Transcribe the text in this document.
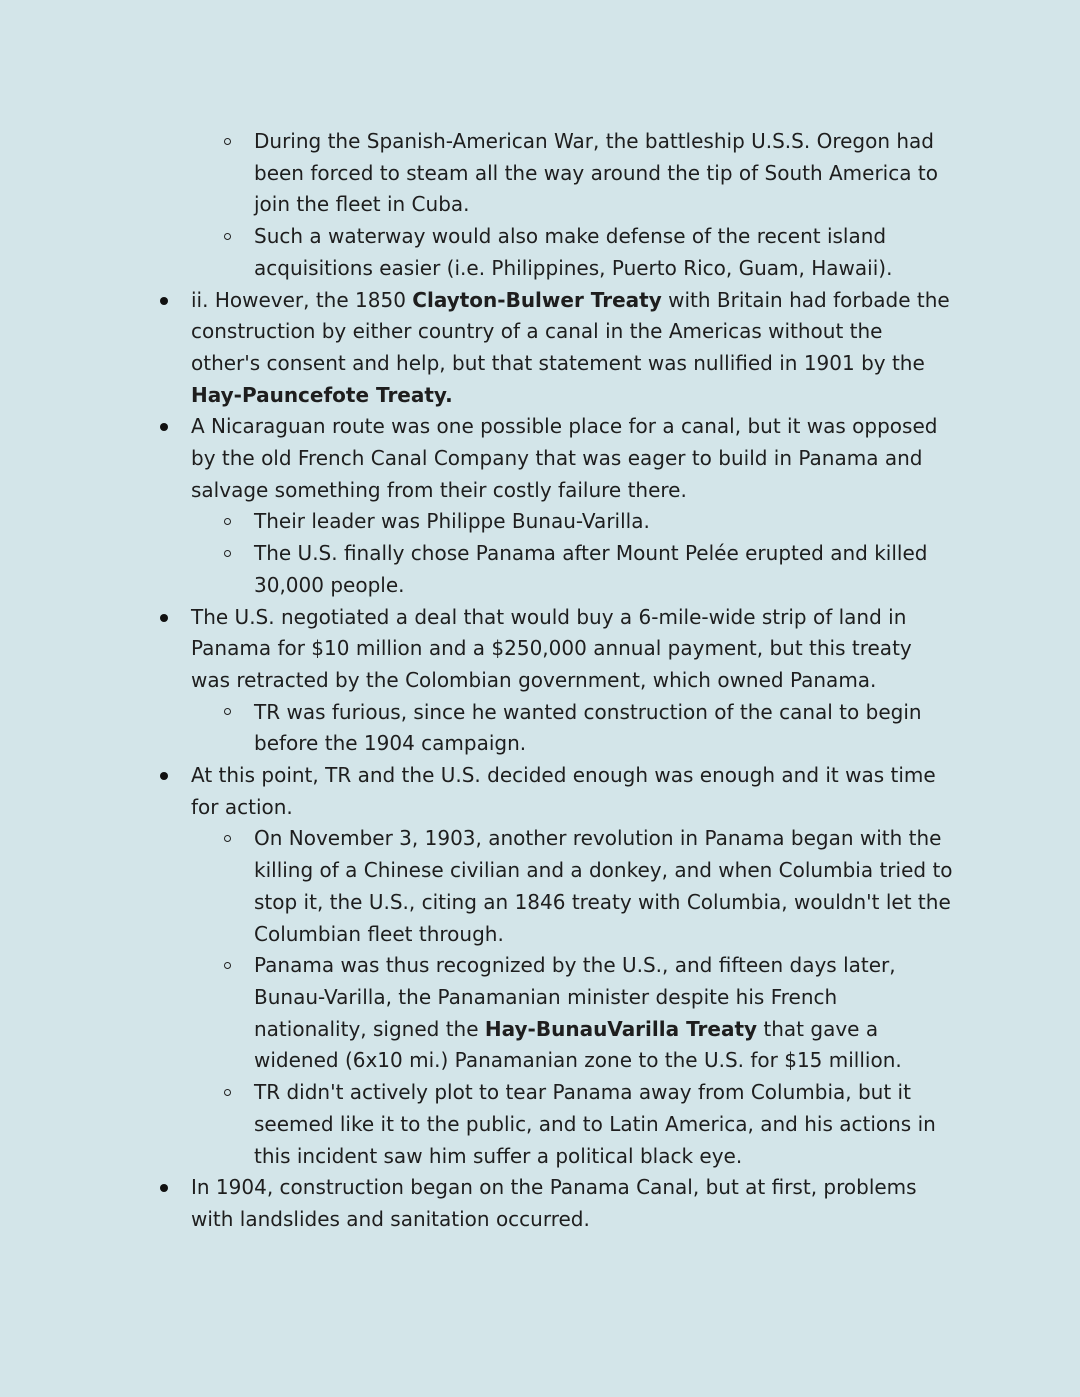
During the Spanish-American War, the battleship U.S.S. Oregon had been forced to steam all the way around the tip of South America to join the fleet in Cuba.
Such a waterway would also make defense of the recent island acquisitions easier (i.e. Philippines, Puerto Rico, Guam, Hawaii).
ii. However, the 1850 Clayton-Bulwer Treaty with Britain had forbade the construction by either country of a canal in the Americas without the other's consent and help, but that statement was nullified in 1901 by the Hay-Pauncefote Treaty.
A Nicaraguan route was one possible place for a canal, but it was opposed by the old French Canal Company that was eager to build in Panama and salvage something from their costly failure there.
Their leader was Philippe Bunau-Varilla.
The U.S. finally chose Panama after Mount Pelée erupted and killed 30,000 people.
The U.S. negotiated a deal that would buy a 6-mile-wide strip of land in Panama for $10 million and a $250,000 annual payment, but this treaty was retracted by the Colombian government, which owned Panama.
TR was furious, since he wanted construction of the canal to begin before the 1904 campaign.
At this point, TR and the U.S. decided enough was enough and it was time for action.
On November 3, 1903, another revolution in Panama began with the killing of a Chinese civilian and a donkey, and when Columbia tried to stop it, the U.S., citing an 1846 treaty with Columbia, wouldn't let the Columbian fleet through.
Panama was thus recognized by the U.S., and fifteen days later, Bunau-Varilla, the Panamanian minister despite his French nationality, signed the Hay-BunauVarilla Treaty that gave a widened (6x10 mi.) Panamanian zone to the U.S. for $15 million.
TR didn't actively plot to tear Panama away from Columbia, but it seemed like it to the public, and to Latin America, and his actions in this incident saw him suffer a political black eye.
In 1904, construction began on the Panama Canal, but at first, problems with landslides and sanitation occurred.
